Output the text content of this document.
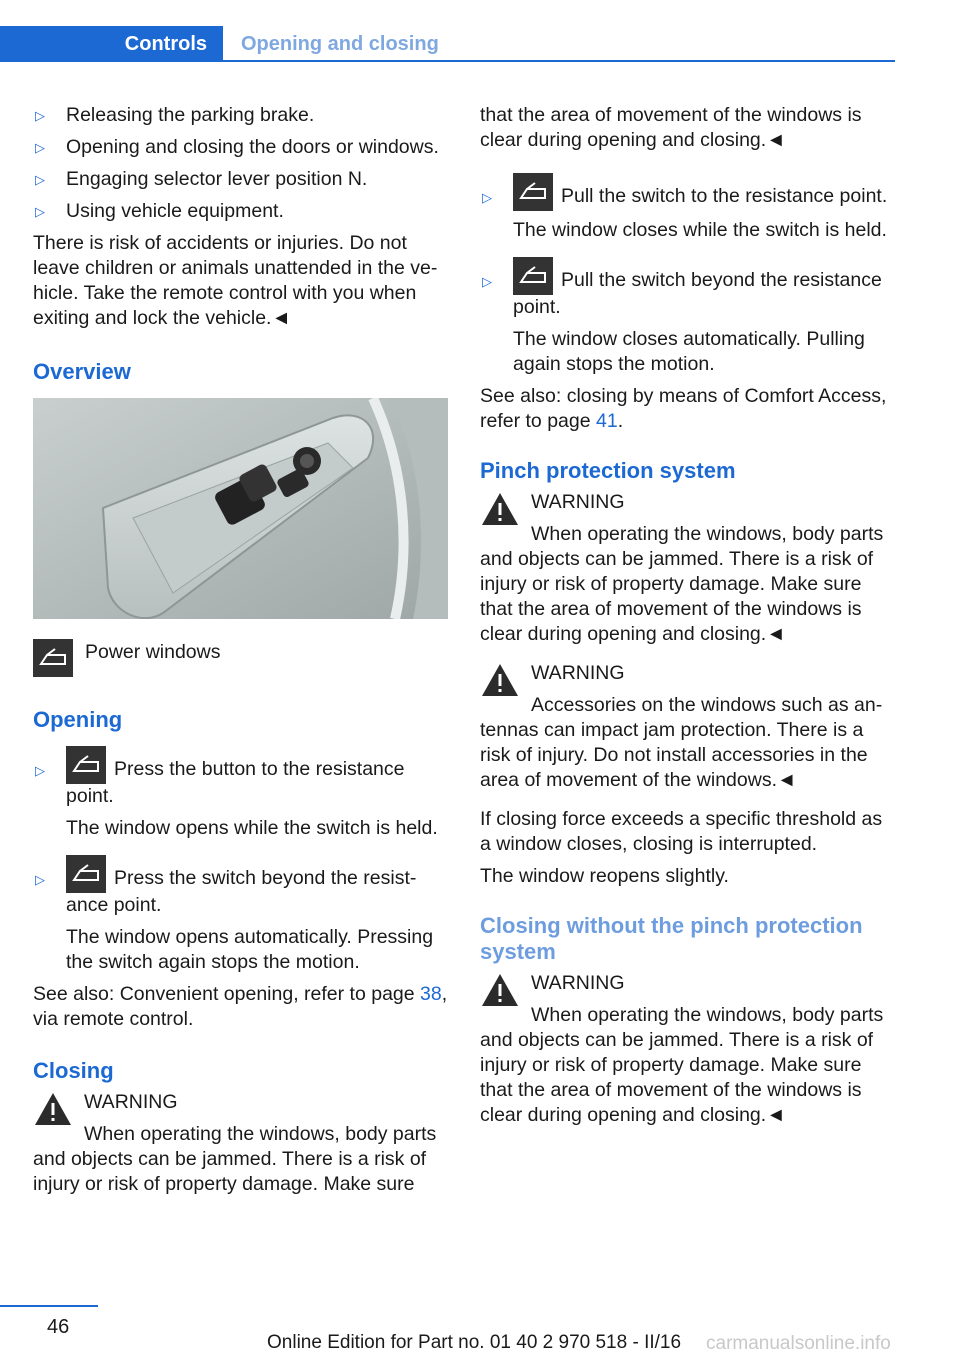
Controls	Opening and closing
▷	Releasing the parking brake.
▷	Opening and closing the doors or windows.
▷	Engaging selector lever position N.
▷	Using vehicle equipment.

There is risk of accidents or injuries. Do not leave children or animals unattended in the vehicle. Take the remote control with you when exiting and lock the vehicle.◄

Overview
Power windows
Opening
▷	Press the button to the resistance point.

The window opens while the switch is held.

▷	Press the switch beyond the resistance point.

The window opens automatically. Pressing the switch again stops the motion.

See also: Convenient opening, refer to page 38, via remote control.

Closing
WARNING
When operating the windows, body parts and objects can be jammed. There is a risk of injury or risk of property damage. Make sure

that the area of movement of the windows is clear during opening and closing.◄

▷	Pull the switch to the resistance point.

The window closes while the switch is held.

▷	Pull the switch beyond the resistance point.

The window closes automatically. Pulling again stops the motion.

See also: closing by means of Comfort Access, refer to page 41.

Pinch protection system
WARNING
When operating the windows, body parts and objects can be jammed. There is a risk of injury or risk of property damage. Make sure that the area of movement of the windows is clear during opening and closing.◄
WARNING
Accessories on the windows such as antennas can impact jam protection. There is a risk of injury. Do not install accessories in the area of movement of the windows.◄

If closing force exceeds a specific threshold as a window closes, closing is interrupted.

The window reopens slightly.

Closing without the pinch protection system
WARNING
When operating the windows, body parts and objects can be jammed. There is a risk of injury or risk of property damage. Make sure that the area of movement of the windows is clear during opening and closing.◄
46
Online Edition for Part no. 01 40 2 970 518 - II/16 carmanualsonline.info
